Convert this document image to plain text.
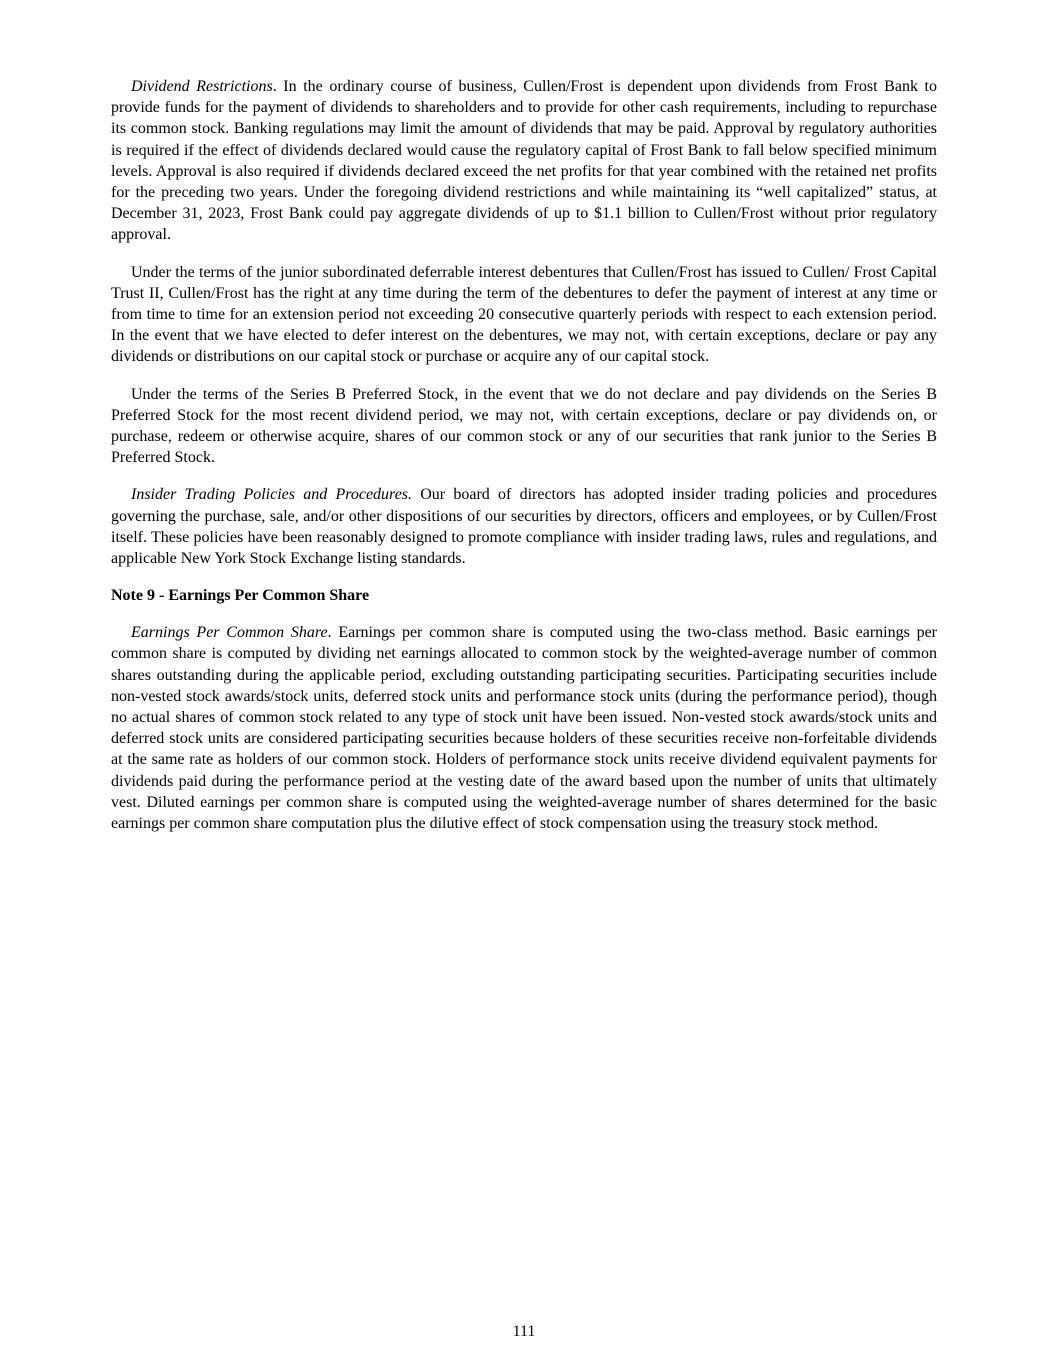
Dividend Restrictions. In the ordinary course of business, Cullen/Frost is dependent upon dividends from Frost Bank to provide funds for the payment of dividends to shareholders and to provide for other cash requirements, including to repurchase its common stock. Banking regulations may limit the amount of dividends that may be paid. Approval by regulatory authorities is required if the effect of dividends declared would cause the regulatory capital of Frost Bank to fall below specified minimum levels. Approval is also required if dividends declared exceed the net profits for that year combined with the retained net profits for the preceding two years. Under the foregoing dividend restrictions and while maintaining its “well capitalized” status, at December 31, 2023, Frost Bank could pay aggregate dividends of up to $1.1 billion to Cullen/Frost without prior regulatory approval.

Under the terms of the junior subordinated deferrable interest debentures that Cullen/Frost has issued to Cullen/ Frost Capital Trust II, Cullen/Frost has the right at any time during the term of the debentures to defer the payment of interest at any time or from time to time for an extension period not exceeding 20 consecutive quarterly periods with respect to each extension period. In the event that we have elected to defer interest on the debentures, we may not, with certain exceptions, declare or pay any dividends or distributions on our capital stock or purchase or acquire any of our capital stock.

Under the terms of the Series B Preferred Stock, in the event that we do not declare and pay dividends on the Series B Preferred Stock for the most recent dividend period, we may not, with certain exceptions, declare or pay dividends on, or purchase, redeem or otherwise acquire, shares of our common stock or any of our securities that rank junior to the Series B Preferred Stock.

Insider Trading Policies and Procedures. Our board of directors has adopted insider trading policies and procedures governing the purchase, sale, and/or other dispositions of our securities by directors, officers and employees, or by Cullen/Frost itself. These policies have been reasonably designed to promote compliance with insider trading laws, rules and regulations, and applicable New York Stock Exchange listing standards.

Note 9 - Earnings Per Common Share

Earnings Per Common Share. Earnings per common share is computed using the two-class method. Basic earnings per common share is computed by dividing net earnings allocated to common stock by the weighted-average number of common shares outstanding during the applicable period, excluding outstanding participating securities. Participating securities include non-vested stock awards/stock units, deferred stock units and performance stock units (during the performance period), though no actual shares of common stock related to any type of stock unit have been issued. Non-vested stock awards/stock units and deferred stock units are considered participating securities because holders of these securities receive non-forfeitable dividends at the same rate as holders of our common stock. Holders of performance stock units receive dividend equivalent payments for dividends paid during the performance period at the vesting date of the award based upon the number of units that ultimately vest. Diluted earnings per common share is computed using the weighted-average number of shares determined for the basic earnings per common share computation plus the dilutive effect of stock compensation using the treasury stock method.

111
